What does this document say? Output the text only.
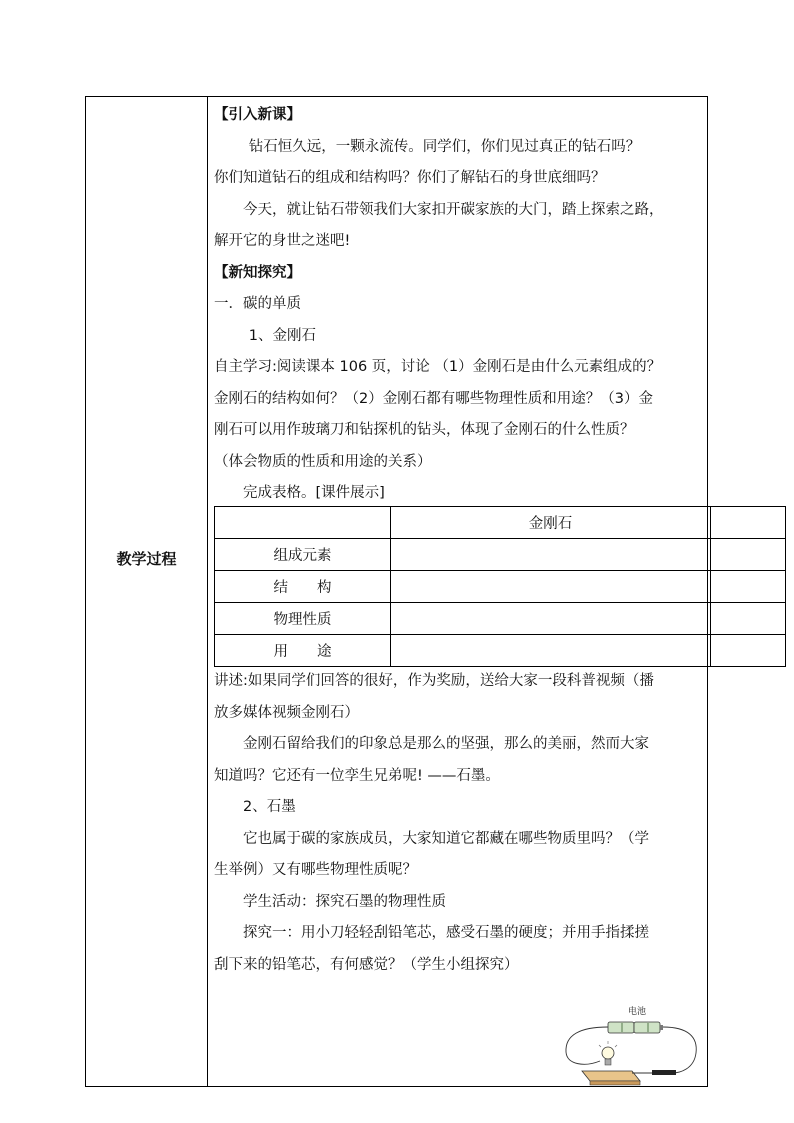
教学过程

【引入新课】

钻石恒久远，一颗永流传。同学们，你们见过真正的钻石吗？

你们知道钻石的组成和结构吗？你们了解钻石的身世底细吗？

今天，就让钻石带领我们大家扣开碳家族的大门，踏上探索之路，

解开它的身世之迷吧!

【新知探究】

一．碳的单质

1、金刚石

自主学习:阅读课本 106 页，讨论 （1）金刚石是由什么元素组成的？

金刚石的结构如何？（2）金刚石都有哪些物理性质和用途？（3）金

刚石可以用作玻璃刀和钻探机的钻头，体现了金刚石的什么性质？

（体会物质的性质和用途的关系）

完成表格。[课件展示]

	金刚石	
组成元素		
结　　构		
物理性质		
用　　途		

讲述:如果同学们回答的很好，作为奖励，送给大家一段科普视频（播

放多媒体视频金刚石）

金刚石留给我们的印象总是那么的坚强，那么的美丽，然而大家

知道吗？它还有一位孪生兄弟呢! ——石墨。

2、石墨

它也属于碳的家族成员，大家知道它都藏在哪些物质里吗？（学

生举例）又有哪些物理性质呢？

学生活动：探究石墨的物理性质

探究一：用小刀轻轻刮铅笔芯，感受石墨的硬度；并用手指揉搓

刮下来的铅笔芯，有何感觉？（学生小组探究）

电池
